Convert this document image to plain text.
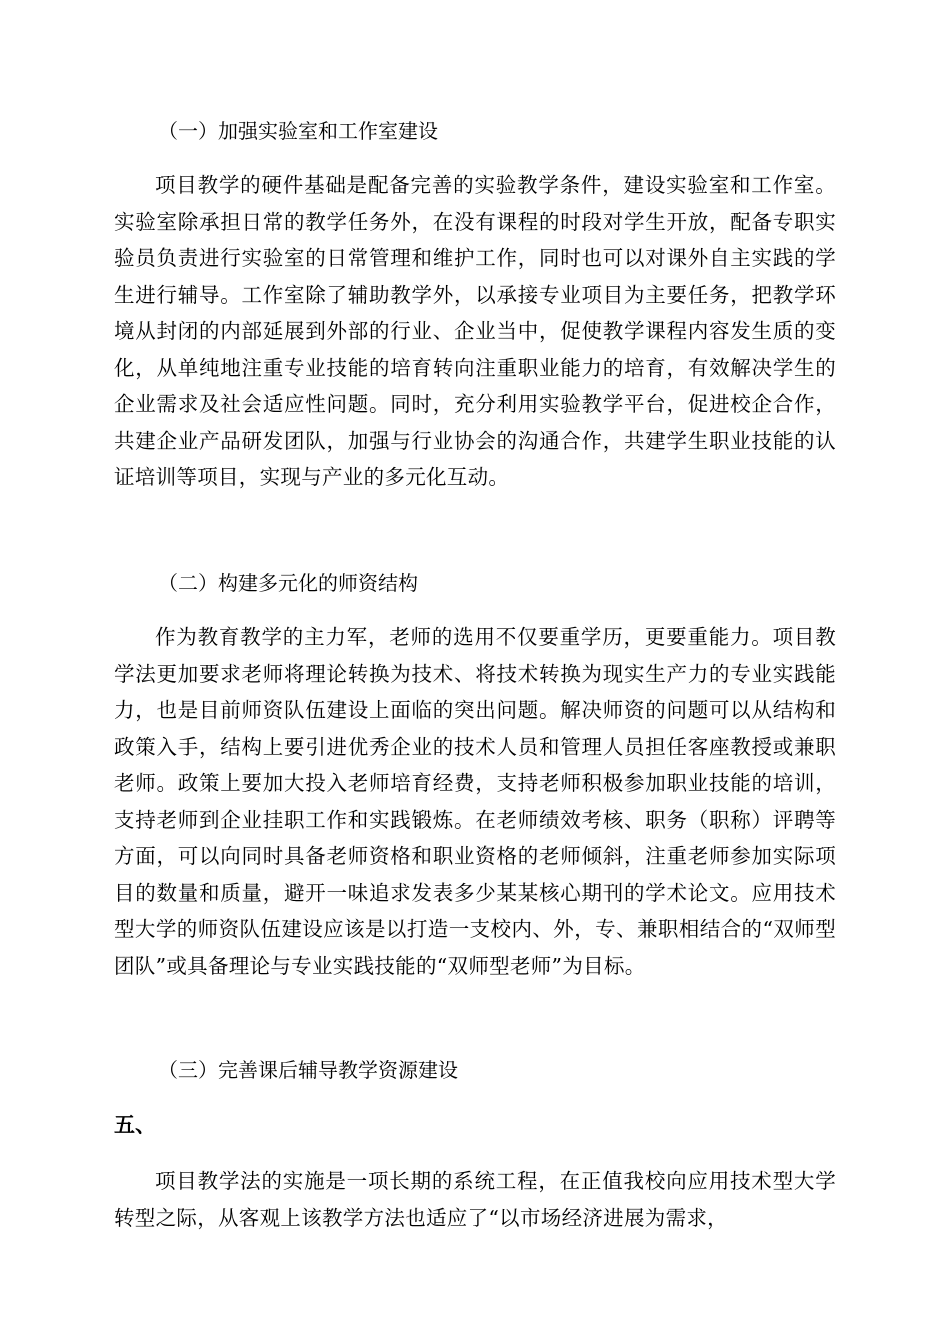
（一）加强实验室和工作室建设

项目教学的硬件基础是配备完善的实验教学条件，建设实验室和工作室。实验室除承担日常的教学任务外，在没有课程的时段对学生开放，配备专职实验员负责进行实验室的日常管理和维护工作，同时也可以对课外自主实践的学生进行辅导。工作室除了辅助教学外，以承接专业项目为主要任务，把教学环境从封闭的内部延展到外部的行业、企业当中，促使教学课程内容发生质的变化，从单纯地注重专业技能的培育转向注重职业能力的培育，有效解决学生的企业需求及社会适应性问题。同时，充分利用实验教学平台，促进校企合作，共建企业产品研发团队，加强与行业协会的沟通合作，共建学生职业技能的认证培训等项目，实现与产业的多元化互动。

（二）构建多元化的师资结构

作为教育教学的主力军，老师的选用不仅要重学历，更要重能力。项目教学法更加要求老师将理论转换为技术、将技术转换为现实生产力的专业实践能力，也是目前师资队伍建设上面临的突出问题。解决师资的问题可以从结构和政策入手，结构上要引进优秀企业的技术人员和管理人员担任客座教授或兼职老师。政策上要加大投入老师培育经费，支持老师积极参加职业技能的培训，支持老师到企业挂职工作和实践锻炼。在老师绩效考核、职务（职称）评聘等方面，可以向同时具备老师资格和职业资格的老师倾斜，注重老师参加实际项目的数量和质量，避开一味追求发表多少某某核心期刊的学术论文。应用技术型大学的师资队伍建设应该是以打造一支校内、外，专、兼职相结合的“双师型团队”或具备理论与专业实践技能的“双师型老师”为目标。

（三）完善课后辅导教学资源建设

五、

项目教学法的实施是一项长期的系统工程，在正值我校向应用技术型大学转型之际，从客观上该教学方法也适应了“以市场经济进展为需求，
